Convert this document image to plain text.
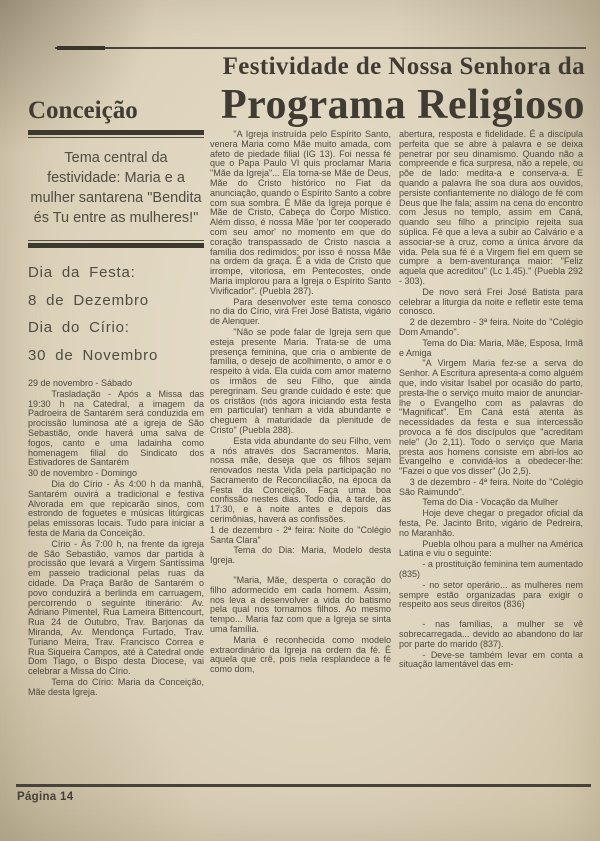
Festividade de Nossa Senhora da
Conceição Programa Religioso
Tema central da festividade: Maria e a mulher santarena "Bendita és Tu entre as mulheres!"

Dia da Festa:

8 de Dezembro

Dia do Círio:

30 de Novembro

29 de novembro - Sábado

Trasladação - Após a Missa das 19:30 h na Catedral, a imagem da Padroeira de Santarém será conduzida em procissão luminosa até a igreja de São Sebastião, onde haverá uma salva de fogos, canto e uma ladainha como homenagem filial do Sindicato dos Estivadores de Santarém

30 de novembro - Domingo

Dia do Círio - Às 4:00 h da manhã, Santarém ouvirá a tradicional e festiva Alvorada em que repicarão sinos, com estrondo de foguetes e músicas litúrgicas pelas emissoras locais. Tudo para iniciar a festa de Maria da Conceição.

Círio - Às 7:00 h, na frente da igreja de São Sebastião, vamos dar partida à procissão que levará a Virgem Santíssima em passeio tradicional pelas ruas da cidade. Da Praça Barão de Santarém o povo conduzirá a berlinda em carruagem, percorrendo o seguinte itinerário: Av. Adriano Pimentel, Rua Lameira Bittencourt, Rua 24 de Outubro, Trav. Barjonas da Miranda, Av. Mendonça Furtado, Trav. Turiano Meira, Trav. Francisco Correa e Rua Siqueira Campos, até à Catedral onde Dom Tiago, o Bispo desta Diocese, vai celebrar a Missa do Círio.

Tema do Círio: Maria da Conceição, Mãe desta Igreja.

"A Igreja instruída pelo Espírito Santo, venera Maria como Mãe muito amada, com afeto de piedade filial (IG 13). Foi nessa fé que o Papa Paulo VI quis proclamar Maria "Mãe da Igreja"... Ela torna-se Mãe de Deus, Mãe do Cristo histórico no Fiat da anunciação, quando o Espírito Santo a cobre com sua sombra. É Mãe da Igreja porque é Mãe de Cristo, Cabeça do Corpo Místico. Além disso, é nossa Mãe 'por ter cooperado com seu amor' no momento em que do coração transpassado de Cristo nascia a família dos redimidos; por isso é nossa Mãe na ordem da graça. É a vida de Cristo que irrompe, vitoriosa, em Pentecostes, onde Maria implorou para a Igreja o Espírito Santo Vivificador". (Puebla 287).

Para desenvolver este tema conosco no dia do Círio, virá Frei José Batista, vigário de Alenquer.

"Não se pode falar de Igreja sem que esteja presente Maria. Trata-se de uma presença feminina, que cria o ambiente de família, o desejo de acolhimento, o amor e o respeito à vida. Ela cuida com amor materno os irmãos de seu Filho, que ainda peregrinam. Seu grande cuidado é este: que os cristãos (nós agora iniciando esta festa em particular) tenham a vida abundante e cheguem à maturidade da plenitude de Cristo" (Puebla 288).

Esta vida abundante do seu Filho, vem a nós através dos Sacramentos. Maria, nossa mãe, deseja que os filhos sejam renovados nesta Vida pela participação no Sacramento de Reconciliação, na época da Festa da Conceição. Faça uma boa confissão nestes dias. Todo dia, à tarde, às 17:30, e à noite antes e depois das cerimônias, haverá as confissões.

1 de dezembro - 2ª feira: Noite do "Colégio Santa Clara"

Tema do Dia: Maria, Modelo desta Igreja.

"Maria, Mãe, desperta o coração do filho adormecido em cada homem. Assim, nos leva a desenvolver a vida do batismo pela qual nos tornamos filhos. Ao mesmo tempo... Maria faz com que a Igreja se sinta uma família.

Maria é reconhecida como modelo extraordinário da Igreja na ordem da fé. É aquela que crê, pois nela resplandece a fé como dom,

abertura, resposta e fidelidade. É a discípula perfeita que se abre à palavra e se deixa penetrar por seu dinamismo. Quando não a compreende e fica surpresa, não a repele, ou põe de lado: medita-a e conserva-a. E quando a palavra lhe soa dura aos ouvidos, persiste confiantemente no diálogo de fé com Deus que lhe fala; assim na cena do encontro com Jesus no templo, assim em Caná, quando seu filho a princípio rejeita sua súplica. Fé que a leva a subir ao Calvário e a associar-se à cruz, como a única árvore da vida. Pela sua fé é a Virgem fiel em quem se cumpre a bem-aventurança maior: "Feliz aquela que acreditou" (Lc 1.45)." (Puebla 292 - 303).

De novo será Frei José Batista para celebrar a liturgia da noite e refletir este tema conosco.

2 de dezembro - 3ª feira. Noite do "Colégio Dom Amando".

Tema do Dia: Maria, Mãe, Esposa, Irmã e Amiga

"A Virgem Maria fez-se a serva do Senhor. A Escritura apresenta-a como alguém que, indo visitar Isabel por ocasião do parto, presta-lhe o serviço muito maior de anunciar-lhe o Evangelho com as palavras do "Magnificat". Em Caná está atenta às necessidades da festa e sua intercessão provoca a fé dos discípulos que "acreditam nele" (Jo 2,11). Todo o serviço que Maria presta aos homens consiste em abri-los ao Evangelho e convidá-los a obedecer-lhe: "Fazei o que vos disser" (Jo 2,5).

3 de dezembro - 4ª feira. Noite do "Colégio São Raimundo".

Tema do Dia - Vocação da Mulher

Hoje deve chegar o pregador oficial da festa, Pe. Jacinto Brito, vigário de Pedreira, no Maranhão.

Puebla olhou para a mulher na América Latina e viu o seguinte:

- a prostituição feminina tem aumentado (835)

- no setor operário... as mulheres nem sempre estão organizadas para exigir o respeito aos seus direitos (836)

- nas famílias, a mulher se vê sobrecarregada... devido ao abandono do lar por parte do marido (837).

- Deve-se também levar em conta a situação lamentável das em-

Página 14
